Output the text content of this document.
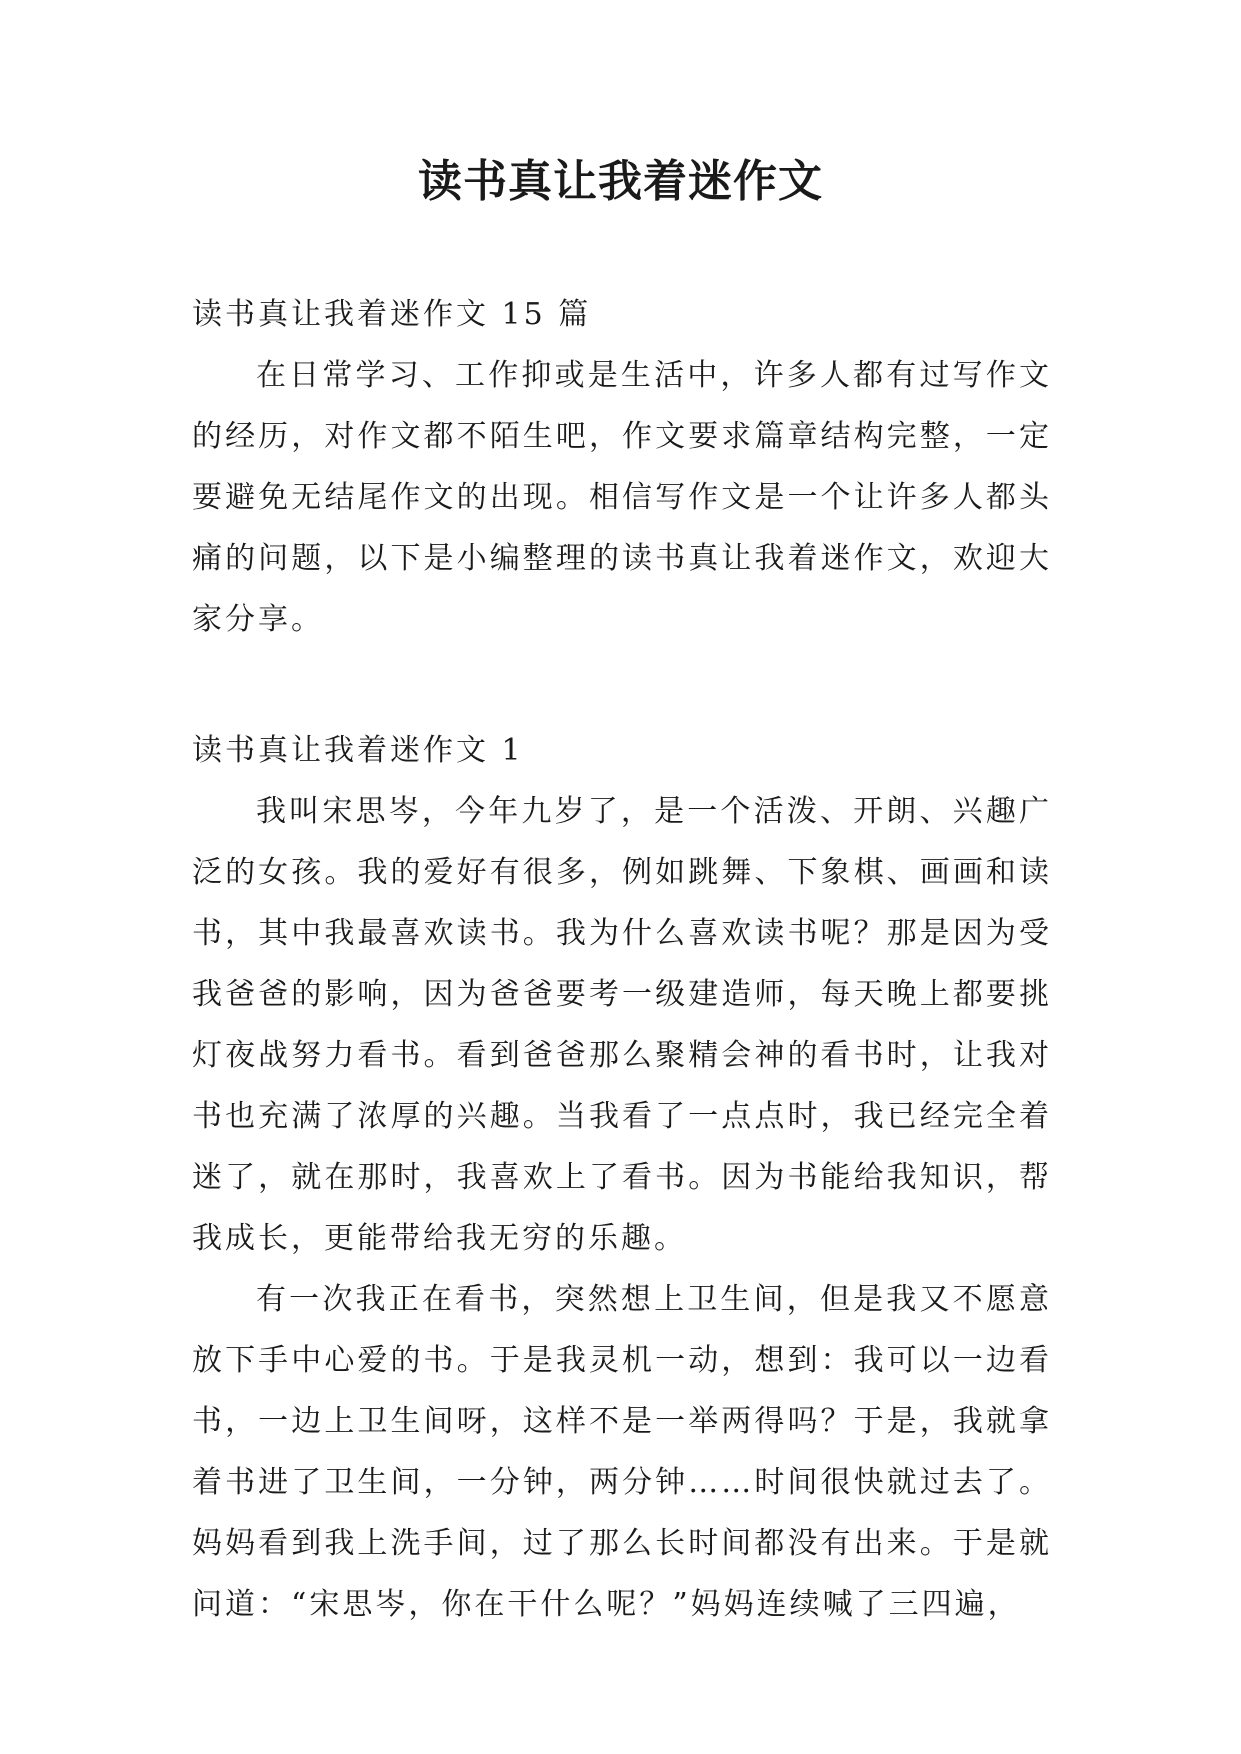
读书真让我着迷作文
读书真让我着迷作文 15 篇

在日常学习、工作抑或是生活中，许多人都有过写作文的经历，对作文都不陌生吧，作文要求篇章结构完整，一定要避免无结尾作文的出现。相信写作文是一个让许多人都头痛的问题，以下是小编整理的读书真让我着迷作文，欢迎大家分享。

读书真让我着迷作文 1

我叫宋思岑，今年九岁了，是一个活泼、开朗、兴趣广泛的女孩。我的爱好有很多，例如跳舞、下象棋、画画和读书，其中我最喜欢读书。我为什么喜欢读书呢？那是因为受我爸爸的影响，因为爸爸要考一级建造师，每天晚上都要挑灯夜战努力看书。看到爸爸那么聚精会神的看书时，让我对书也充满了浓厚的兴趣。当我看了一点点时，我已经完全着迷了，就在那时，我喜欢上了看书。因为书能给我知识，帮我成长，更能带给我无穷的乐趣。

有一次我正在看书，突然想上卫生间，但是我又不愿意放下手中心爱的书。于是我灵机一动，想到：我可以一边看书，一边上卫生间呀，这样不是一举两得吗？于是，我就拿着书进了卫生间，一分钟，两分钟……时间很快就过去了。妈妈看到我上洗手间，过了那么长时间都没有出来。于是就问道：“宋思岑，你在干什么呢？”妈妈连续喊了三四遍，
